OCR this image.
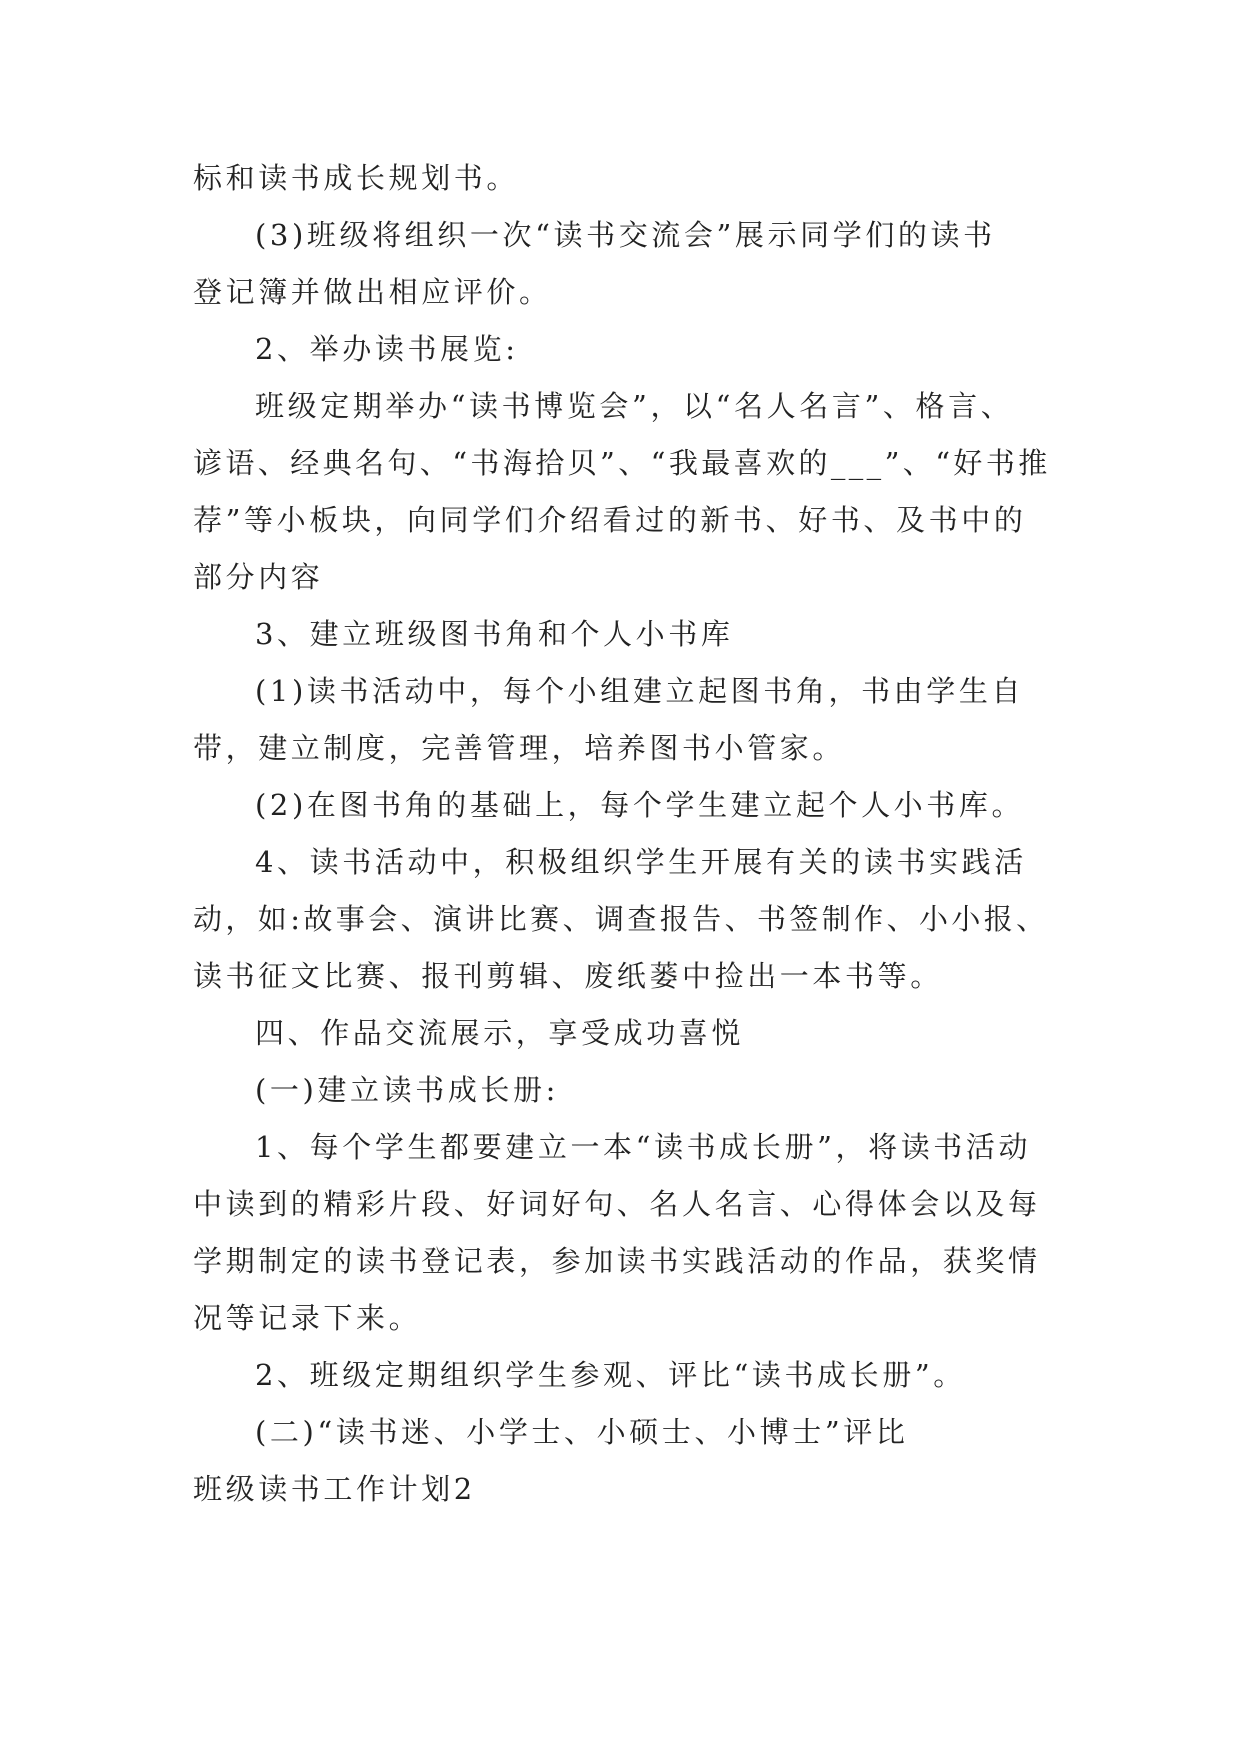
标和读书成长规划书。
(3)班级将组织一次“读书交流会”展示同学们的读书
登记簿并做出相应评价。
2、举办读书展览:
班级定期举办“读书博览会”，以“名人名言”、格言、
谚语、经典名句、“书海拾贝”、“我最喜欢的___”、“好书推
荐”等小板块，向同学们介绍看过的新书、好书、及书中的
部分内容
3、建立班级图书角和个人小书库
(1)读书活动中，每个小组建立起图书角，书由学生自
带，建立制度，完善管理，培养图书小管家。
(2)在图书角的基础上，每个学生建立起个人小书库。
4、读书活动中，积极组织学生开展有关的读书实践活
动，如:故事会、演讲比赛、调查报告、书签制作、小小报、
读书征文比赛、报刊剪辑、废纸蒌中捡出一本书等。
四、作品交流展示，享受成功喜悦
(一)建立读书成长册:
1、每个学生都要建立一本“读书成长册”，将读书活动
中读到的精彩片段、好词好句、名人名言、心得体会以及每
学期制定的读书登记表，参加读书实践活动的作品，获奖情
况等记录下来。
2、班级定期组织学生参观、评比“读书成长册”。
(二)“读书迷、小学士、小硕士、小博士”评比
班级读书工作计划2
